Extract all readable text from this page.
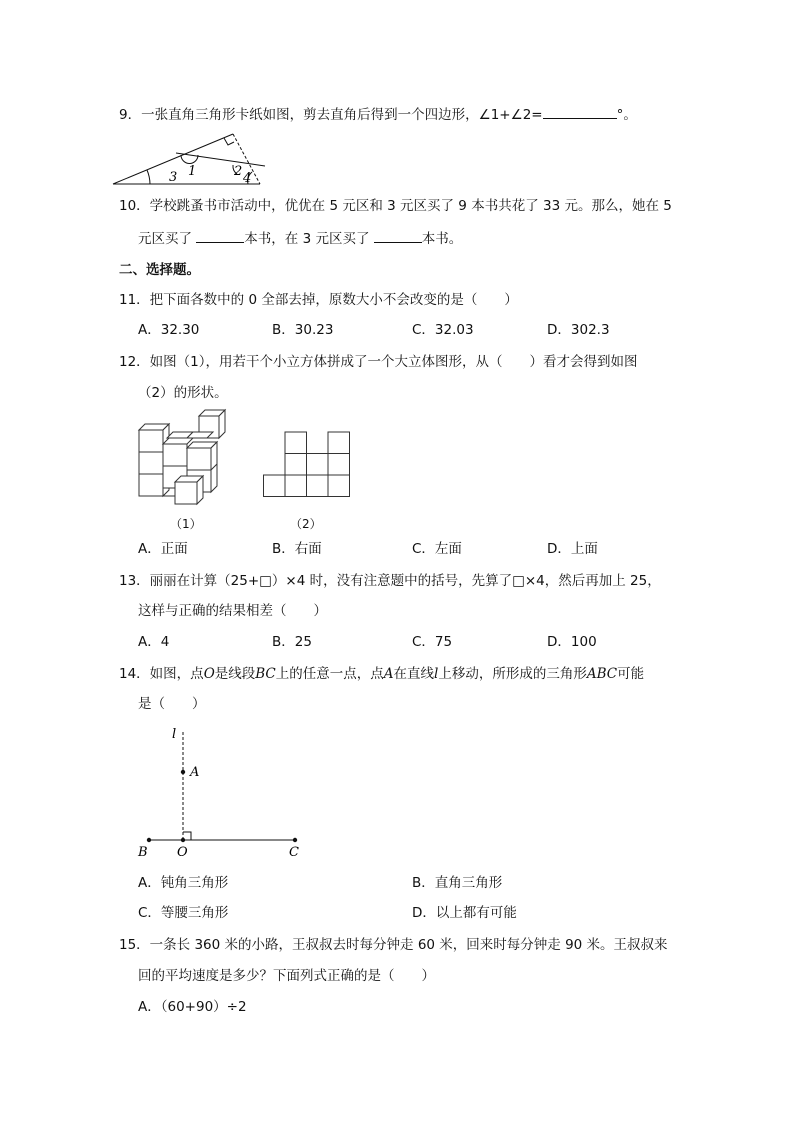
9．一张直角三角形卡纸如图，剪去直角后得到一个四边形，∠1+∠2=	°。
1	2
3	4
10．学校跳蚤书市活动中，优优在 5 元区和 3 元区买了 9 本书共花了 33 元。那么，她在 5
元区买了	本书，在 3 元区买了	本书。
二、选择题。
11．把下面各数中的 0 全部去掉，原数大小不会改变的是（　　）
A．32.30	B．30.23	C．32.03	D．302.3
12．如图（1），用若干个小立方体拼成了一个大立体图形，从（　　）看才会得到如图
（2）的形状。
（1）	（2）
A．正面	B．右面	C．左面	D．上面
13．丽丽在计算（25+□）×4 时，没有注意题中的括号，先算了□×4，然后再加上 25，
这样与正确的结果相差（　　）
A．4	B．25	C．75	D．100
14．如图，点O是线段BC上的任意一点，点A在直线l上移动，所形成的三角形ABC可能
是（　　）
l
A
B O	C
A．钝角三角形	B．直角三角形
C．等腰三角形	D．以上都有可能
15．一条长 360 米的小路，王叔叔去时每分钟走 60 米，回来时每分钟走 90 米。王叔叔来
回的平均速度是多少？下面列式正确的是（　　）
A．（60+90）÷2
